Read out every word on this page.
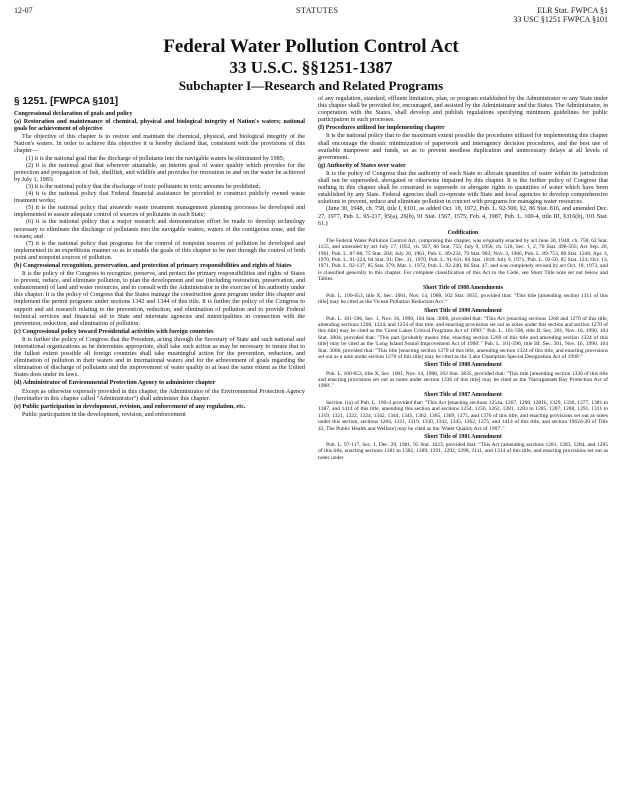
12-07	STATUTES	ELR Stat. FWPCA §1
33 USC §1251 FWPCA §101
Federal Water Pollution Control Act
33 U.S.C. §§1251-1387
Subchapter I—Research and Related Programs
§ 1251. [FWPCA §101]

Congressional declaration of goals and policy

(a) Restoration and maintenance of chemical, physical and biological integrity of Nation's waters; national goals for achievement of objective

The objective of this chapter is to restore and maintain the chemical, physical, and biological integrity of the Nation's waters. In order to achieve this objective it is hereby declared that, consistent with the provisions of this chapter—

(1) it is the national goal that the discharge of pollutants into the navigable waters be eliminated by 1985;

(2) it is the national goal that wherever attainable, an interim goal of water quality which provides for the protection and propagation of fish, shellfish, and wildlife and provides for recreation in and on the water be achieved by July 1, 1983;

(3) it is the national policy that the discharge of toxic pollutants in toxic amounts be prohibited;

(4) it is the national policy that Federal financial assistance be provided to construct publicly owned waste treatment works;

(5) it is the national policy that areawide waste treatment management planning processes be developed and implemented to assure adequate control of sources of pollutants in each State;

(6) it is the national policy that a major research and demonstration effort be made to develop technology necessary to eliminate the discharge of pollutants into the navigable waters, waters of the contiguous zone, and the oceans; and

(7) it is the national policy that programs for the control of nonpoint sources of pollution be developed and implemented in an expeditious manner so as to enable the goals of this chapter to be met through the control of both point and nonpoint sources of pollution.

(b) Congressional recognition, preservation, and protection of primary responsibilities and rights of States

It is the policy of the Congress to recognize, preserve, and protect the primary responsibilities and rights of States to prevent, reduce, and eliminate pollution, to plan the development and use (including restoration, preservation, and enhancement) of land and water resources, and to consult with the Administrator in the exercise of his authority under this chapter. It is the policy of Congress that the States manage the construction grant program under this chapter and implement the permit programs under sections 1342 and 1344 of this title. It is further the policy of the Congress to support and aid research relating to the prevention, reduction, and elimination of pollution and to provide Federal technical services and financial aid to State and interstate agencies and municipalities in connection with the prevention, reduction, and elimination of pollution.

(c) Congressional policy toward Presidential activities with foreign countries

It is further the policy of Congress that the President, acting through the Secretary of State and such national and international organizations as he determines appropriate, shall take such action as may be necessary to insure that to the fullest extent possible all foreign countries shall take meaningful action for the prevention, reduction, and elimination of pollution in their waters and in international waters and for the achievement of goals regarding the elimination of discharge of pollutants and the improvement of water quality to at least the same extent as the United States does under its laws.

(d) Administrator of Environmental Protection Agency to administer chapter

Except as otherwise expressly provided in this chapter, the Administrator of the Environmental Protection Agency (hereinafter in this chapter called "Administrator") shall administer this chapter.

(e) Public participation in development, revision, and enforcement of any regulation, etc.

Public participation in the development, revision, and enforcement

of any regulation, standard, effluent limitation, plan, or program established by the Administrator or any State under this chapter shall be provided for, encouraged, and assisted by the Administrator and the States. The Administrator, in cooperation with the States, shall develop and publish regulations specifying minimum guidelines for public participation in such processes.

(f) Procedures utilized for implementing chapter

It is the national policy that to the maximum extent possible the procedures utilized for implementing this chapter shall encourage the drastic minimization of paperwork and interagency decision procedures, and the best use of available manpower and funds, so as to prevent needless duplication and unnecessary delays at all levels of government.

(g) Authority of States over water

It is the policy of Congress that the authority of each State to allocate quantities of water within its jurisdiction shall not be superseded, abrogated or otherwise impaired by this chapter. It is the further policy of Congress that nothing in this chapter shall be construed to supersede or abrogate rights to quantities of water which have been established by any State. Federal agencies shall co-operate with State and local agencies to develop comprehensive solutions to prevent, reduce and eliminate pollution in concert with programs for managing water resources.

(June 30, 1948, ch. 758, title I, §101, as added Oct. 18, 1972, Pub. L. 92-500, §2, 86 Stat. 816, and amended Dec. 27, 1977, Pub. L. 95-217, §5(a), 26(b), 91 Stat. 1567, 1575; Feb. 4, 1987, Pub. L. 100-4, title III, §316(b), 101 Stat. 61.)

Codification

The Federal Water Pollution Control Act, comprising this chapter, was originally enacted by act June 30, 1948, ch. 758, 62 Stat. 1155, and amended by act July 17, 1952, ch. 927, 66 Stat. 755; July 9, 1956, ch. 518, Sec. 1, 2, 70 Stat. 498-505; Act Sep. 20, 1961, Pub. L. 87-88, 75 Stat. 204; July 20, 1961, Pub. L. 89-234, 79 Stat. 903; Nov. 3, 1966, Pub. L. 89-753, 80 Stat. 1246; Apr. 3, 1970, Pub. L. 91-224, 84 Stat. 91; Dec. 31, 1970, Pub. L. 91-611, 84 Stat. 1818; July 9, 1971, Pub. L. 92-50, 85 Stat. 124; Oct. 13, 1971, Pub. L. 92-137, 85 Stat. 379; Mar. 1, 1972, Pub. L. 92-240, 86 Stat. 47, and was completely revised by act Oct. 18, 1972, and is classified generally to this chapter. For complete classification of this Act to the Code, see Short Title note set out below and Tables.

Short Title of 1988 Amendments

Pub. L. 100-653, title X, Sec. 1001, Nov. 14, 1988, 102 Stat. 3835, provided that: "This title [amending section 1311 of this title] may be cited as the 'Ocean Pollution Reduction Act'."

Short Title of 1990 Amendment

Pub. L. 101-596, Sec. 1, Nov. 16, 1990, 104 Stat. 3000, provided that: "This Act [enacting sections 1268 and 1270 of this title, amending sections 1268, 1324, and 1254 of this title, and enacting provisions set out as notes under this section and section 1270 of this title] may be cited as the 'Great Lakes Critical Programs Act of 1990'." Pub. L. 101-596, title II, Sec. 201, Nov. 16, 1990, 104 Stat. 3004, provided that: "This part [probably means title, enacting section 1269 of this title and amending section 1324 of this title] may be cited as the 'Long Island Sound Improvement Act of 1990'." Pub. L. 101-596, title III, Sec. 301, Nov. 16, 1990, 104 Stat. 3006, provided that: "This title [enacting section 1270 of this title, amending section 1324 of this title, and enacting provisions set out as a note under section 1270 of this title] may be cited as the 'Lake Champlain Special Designation Act of 1990'."

Short Title of 1988 Amendment

Pub. L. 100-653, title X, Sec. 1001, Nov. 14, 1988, 102 Stat. 3835, provided that: "This title [amending section 1330 of this title and enacting provisions set out as notes under section 1330 of this title] may be cited as the 'Narragansett Bay Protection Act of 1988'."

Short Title of 1987 Amendment

Section 1(a) of Pub. L. 100-4 provided that: "This Act [enacting sections 1254a, 1267, 1268, 1281b, 1329, 1330, 1377, 1381 to 1387, and 1414 of this title, amending this section and sections 1254, 1256, 1262, 1281, 1283 to 1285, 1287, 1288, 1291, 1311 to 1319, 1321, 1322, 1324, 1342, 1344, 1345, 1362, 1365, 1369, 1375, and 1376 of this title, and enacting provisions set out as notes under this section, sections 1284, 1311, 1319, 1330, 1342, 1345, 1362, 1375, and 1414 of this title, and section 1962d-20 of Title 42, The Public Health and Welfare] may be cited as the 'Water Quality Act of 1987'."

Short Title of 1981 Amendment

Pub. L. 97-117, Sec. 1, Dec. 29, 1981, 95 Stat. 1623, provided that: "This Act [amending sections 1281, 1283, 1284, and 1285 of this title, enacting sections 1281 to 1382, 1289, 1291, 1292, 1298, 2111, and 1314 of this title, and enacting provisions set out as notes under
